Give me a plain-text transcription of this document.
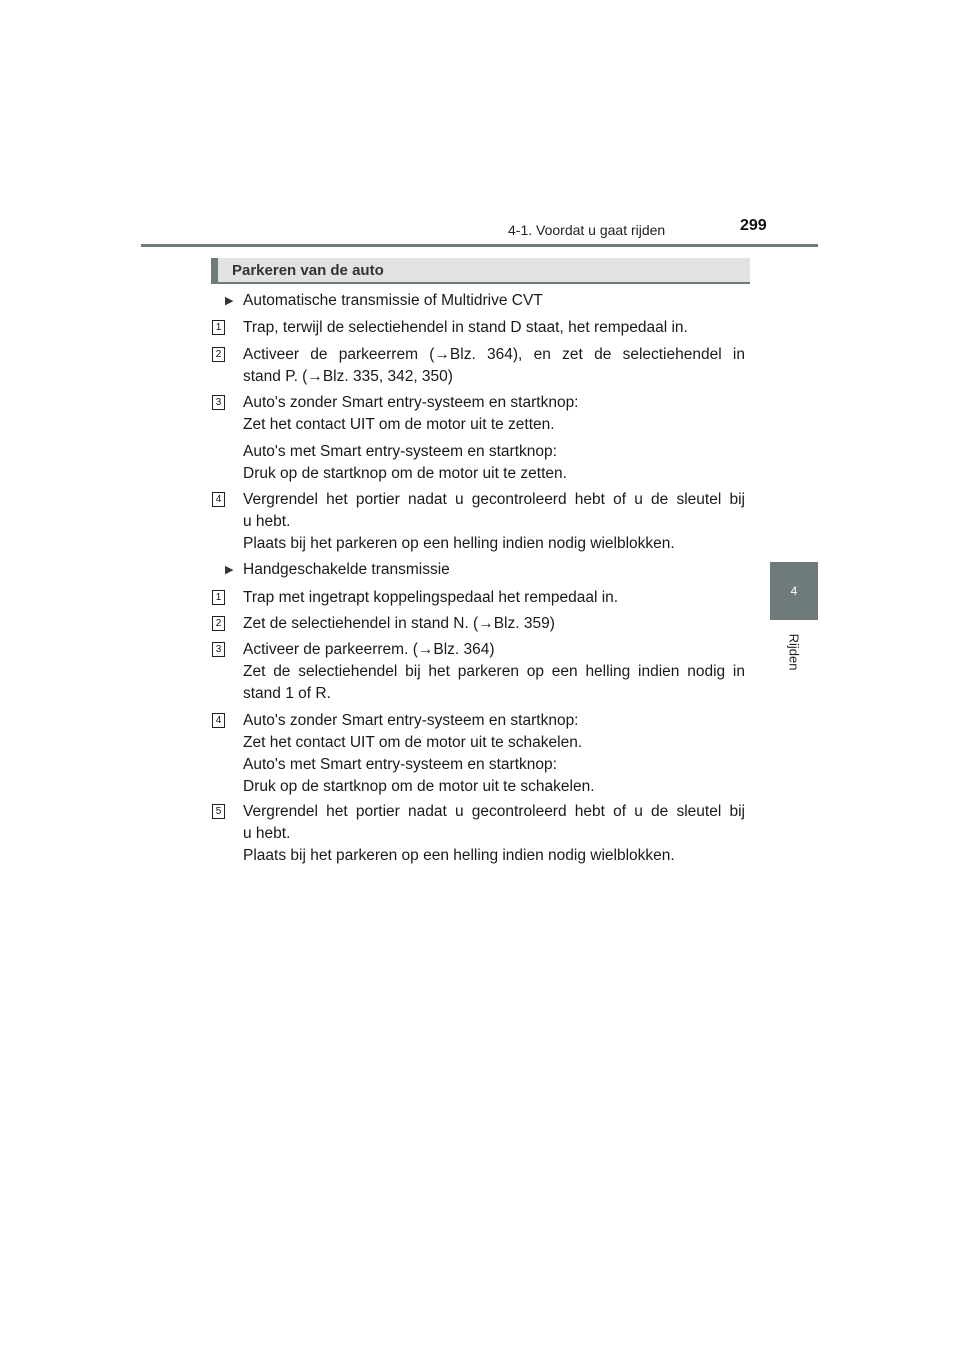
4-1. Voordat u gaat rijden	299
4
Rijden
Parkeren van de auto
▶ Automatische transmissie of Multidrive CVT
1 Trap, terwijl de selectiehendel in stand D staat, het rempedaal in.
2 Activeer de parkeerrem (→Blz. 364), en zet de selectiehendel in
stand P. (→Blz. 335, 342, 350)
3 Auto's zonder Smart entry-systeem en startknop:
Zet het contact UIT om de motor uit te zetten.
Auto's met Smart entry-systeem en startknop:
Druk op de startknop om de motor uit te zetten.
4 Vergrendel het portier nadat u gecontroleerd hebt of u de sleutel bij
u hebt.
Plaats bij het parkeren op een helling indien nodig wielblokken.
▶ Handgeschakelde transmissie
1 Trap met ingetrapt koppelingspedaal het rempedaal in.
2 Zet de selectiehendel in stand N. (→Blz. 359)
3 Activeer de parkeerrem. (→Blz. 364)
Zet de selectiehendel bij het parkeren op een helling indien nodig in
stand 1 of R.
4 Auto's zonder Smart entry-systeem en startknop:
Zet het contact UIT om de motor uit te schakelen.
Auto's met Smart entry-systeem en startknop:
Druk op de startknop om de motor uit te schakelen.
5 Vergrendel het portier nadat u gecontroleerd hebt of u de sleutel bij
u hebt.
Plaats bij het parkeren op een helling indien nodig wielblokken.
